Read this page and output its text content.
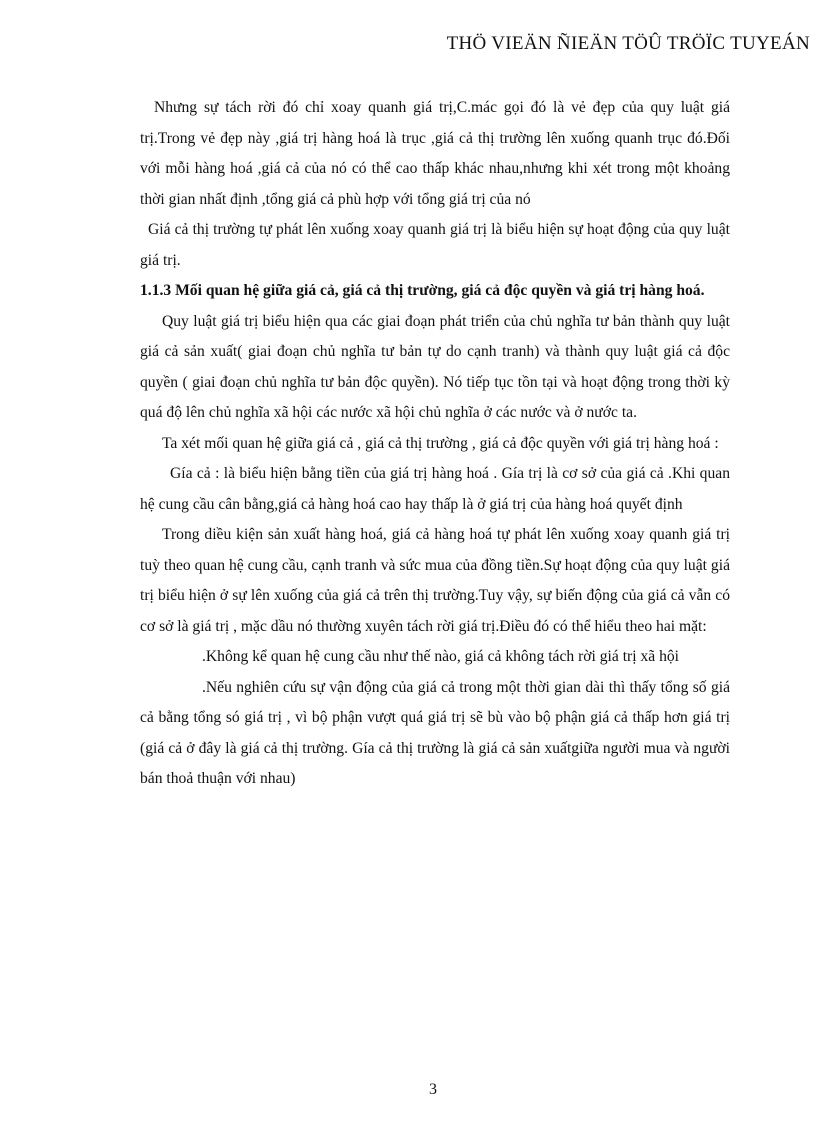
THÖ VIEÄN ÑIEÄN TÖÛ TRÖÏC TUYEÁN

Nhưng sự tách rời đó chỉ xoay quanh giá trị,C.mác gọi đó là vẻ đẹp của quy luật giá trị.Trong vẻ đẹp này ,giá trị hàng hoá là trục ,giá cả thị trường lên xuống quanh trục đó.Đối với mỗi hàng hoá ,giá cả của nó có thể cao thấp khác nhau,nhưng khi xét trong một khoảng thời gian nhất định ,tổng giá cả phù hợp với tổng giá trị của nó

Giá cả thị trường tự phát lên xuống xoay quanh giá trị là biểu hiện sự hoạt động của quy luật giá trị.

1.1.3 Mối quan hệ giữa giá cả, giá cả thị trường, giá cả độc quyền và giá trị hàng hoá.

Quy luật giá trị biểu hiện qua các giai đoạn phát triển của chủ nghĩa tư bản thành quy luật giá cả sản xuất( giai đoạn chủ nghĩa tư bản tự do cạnh tranh) và thành quy luật giá cả độc quyền ( giai đoạn chủ nghĩa tư bản độc quyền). Nó tiếp tục tồn tại và hoạt động trong thời kỳ quá độ lên chủ nghĩa xã hội các nước xã hội chủ nghĩa ở các nước và ở nước ta.

Ta xét mối quan hệ giữa giá cả , giá cả thị trường , giá cả độc quyền với giá trị hàng hoá :

Gía cả : là biểu hiện bằng tiền của giá trị hàng hoá . Gía trị là cơ sở của giá cả .Khi quan hệ cung cầu cân bằng,giá cả hàng hoá cao hay thấp là ở giá trị của hàng hoá quyết định

Trong diều kiện sản xuất hàng hoá, giá cả hàng hoá tự phát lên xuống xoay quanh giá trị tuỳ theo quan hệ cung cầu, cạnh tranh và sức mua của đồng tiền.Sự hoạt động của quy luật giá trị biểu hiện ở sự lên xuống của giá cả trên thị trường.Tuy vậy, sự biến động của giá cả vẫn có cơ sở là giá trị , mặc dầu nó thường xuyên tách rời giá trị.Điều đó có thể hiểu theo hai mặt:

.Không kể quan hệ cung cầu như thế nào, giá cả không tách rời giá trị xã hội

.Nếu nghiên cứu sự vận động của giá cả trong một thời gian dài thì thấy tổng số giá cả bằng tổng só giá trị , vì bộ phận vượt quá giá trị sẽ bù vào bộ phận giá cả thấp hơn giá trị (giá cả ở đây là giá cả thị trường. Gía cả thị trường là giá cả sản xuấtgiữa người mua và người bán thoả thuận với nhau)

3
